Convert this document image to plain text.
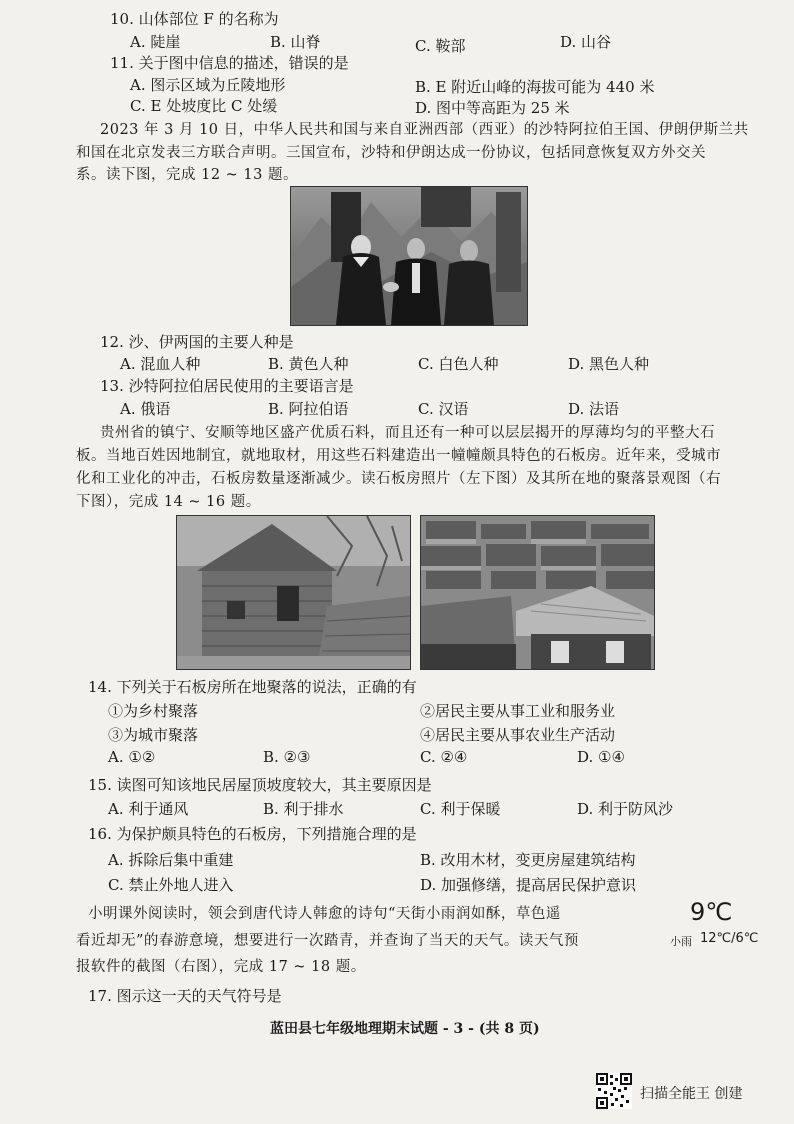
10. 山体部位 F 的名称为
A. 陡崖	B. 山脊	C. 鞍部	D. 山谷
11. 关于图中信息的描述，错误的是
A. 图示区域为丘陵地形	B. E 附近山峰的海拔可能为 440 米
C. E 处坡度比 C 处缓	D. 图中等高距为 25 米
2023 年 3 月 10 日，中华人民共和国与来自亚洲西部（西亚）的沙特阿拉伯王国、伊朗伊斯兰共
和国在北京发表三方联合声明。三国宣布，沙特和伊朗达成一份协议，包括同意恢复双方外交关
系。读下图，完成 12 ~ 13 题。
12. 沙、伊两国的主要人种是
A. 混血人种	B. 黄色人种	C. 白色人种	D. 黑色人种
13. 沙特阿拉伯居民使用的主要语言是
A. 俄语	B. 阿拉伯语	C. 汉语	D. 法语
贵州省的镇宁、安顺等地区盛产优质石料，而且还有一种可以层层揭开的厚薄均匀的平整大石
板。当地百姓因地制宜，就地取材，用这些石料建造出一幢幢颇具特色的石板房。近年来，受城市
化和工业化的冲击，石板房数量逐渐减少。读石板房照片（左下图）及其所在地的聚落景观图（右
下图），完成 14 ~ 16 题。
14. 下列关于石板房所在地聚落的说法，正确的有
①为乡村聚落	②居民主要从事工业和服务业
③为城市聚落	④居民主要从事农业生产活动
A. ①②	B. ②③	C. ②④	D. ①④
15. 读图可知该地民居屋顶坡度较大，其主要原因是
A. 利于通风	B. 利于排水	C. 利于保暖	D. 利于防风沙
16. 为保护颇具特色的石板房，下列措施合理的是
A. 拆除后集中重建	B. 改用木材，变更房屋建筑结构
C. 禁止外地人进入	D. 加强修缮，提高居民保护意识
小明课外阅读时，领会到唐代诗人韩愈的诗句“天街小雨润如酥，草色遥
看近却无”的春游意境，想要进行一次踏青，并查询了当天的天气。读天气预
报软件的截图（右图），完成 17 ~ 18 题。
9℃
小雨 12℃/6℃
17. 图示这一天的天气符号是
蓝田县七年级地理期末试题 - 3 - (共 8 页)
扫描全能王 创建
